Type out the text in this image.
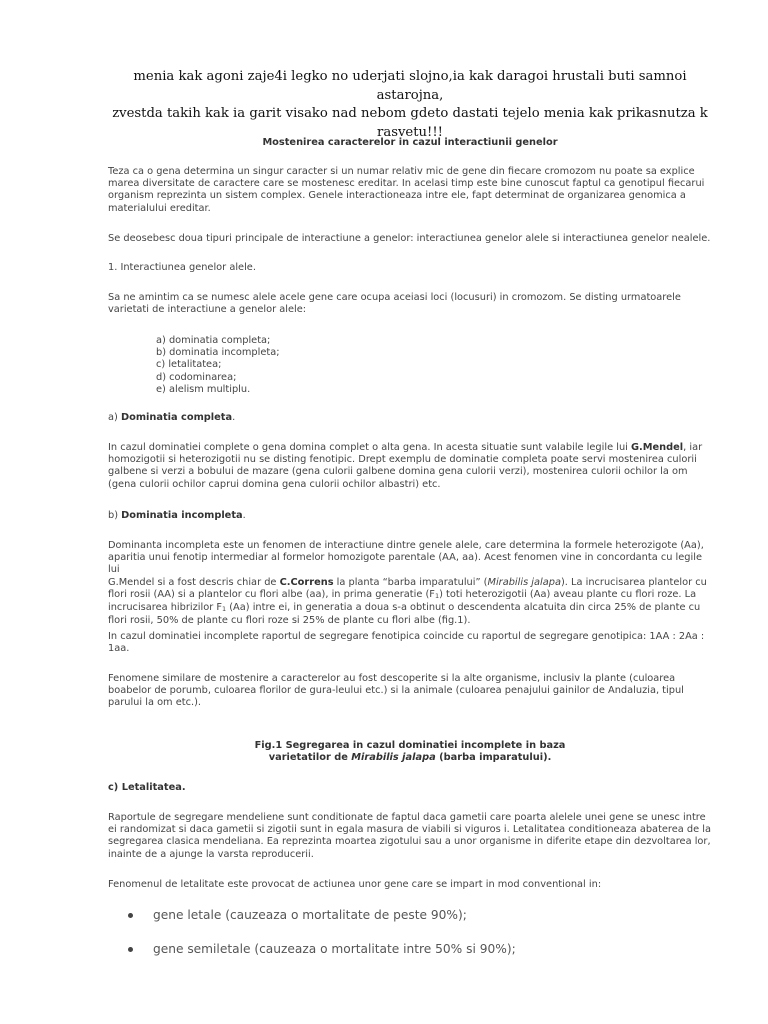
menia kak agoni zaje4i legko no uderjati slojno,ia kak daragoi hrustali buti samnoi astarojna,
zvestda takih kak ia garit visako nad nebom gdeto dastati tejelo menia kak prikasnutza k
rasvetu!!!
Mostenirea caracterelor in cazul interactiunii genelor

Teza ca o gena determina un singur caracter si un numar relativ mic de gene din fiecare cromozom nu poate sa explice marea diversitate de caractere care se mostenesc ereditar. In acelasi timp este bine cunoscut faptul ca genotipul fiecarui organism reprezinta un sistem complex. Genele interactioneaza intre ele, fapt determinat de organizarea genomica a materialului ereditar.

Se deosebesc doua tipuri principale de interactiune a genelor: interactiunea genelor alele si interactiunea genelor nealele.

1. Interactiunea genelor alele.

Sa ne amintim ca se numesc alele acele gene care ocupa aceiasi loci (locusuri) in cromozom. Se disting urmatoarele varietati de interactiune a genelor alele:

a) dominatia completa;
b) dominatia incompleta;
c) letalitatea;
d) codominarea;
e) alelism multiplu.

a) Dominatia completa.

In cazul dominatiei complete o gena domina complet o alta gena. In acesta situatie sunt valabile legile lui G.Mendel, iar homozigotii si heterozigotii nu se disting fenotipic. Drept exemplu de dominatie completa poate servi mostenirea culorii galbene si verzi a bobului de mazare (gena culorii galbene domina gena culorii verzi), mostenirea culorii ochilor la om (gena culorii ochilor caprui domina gena culorii ochilor albastri) etc.

b) Dominatia incompleta.

Dominanta incompleta este un fenomen de interactiune dintre genele alele, care determina la formele heterozigote (Aa),
aparitia unui fenotip intermediar al formelor homozigote parentale (AA, aa). Acest fenomen vine in concordanta cu legile lui
G.Mendel si a fost descris chiar de C.Correns la planta “barba imparatului” (Mirabilis jalapa). La incrucisarea plantelor cu
flori rosii (AA) si a plantelor cu flori albe (aa), in prima generatie (F1) toti heterozigotii (Aa) aveau plante cu flori roze. La
incrucisarea hibrizilor F1 (Aa) intre ei, in generatia a doua s-a obtinut o descendenta alcatuita din circa 25% de plante cu
flori rosii, 50% de plante cu flori roze si 25% de plante cu flori albe (fig.1).

In cazul dominatiei incomplete raportul de segregare fenotipica coincide cu raportul de segregare genotipica: 1AA : 2Aa : 1aa.

Fenomene similare de mostenire a caracterelor au fost descoperite si la alte organisme, inclusiv la plante (culoarea boabelor de porumb, culoarea florilor de gura-leului etc.) si la animale (culoarea penajului gainilor de Andaluzia, tipul parului la om etc.).

Fig.1 Segregarea in cazul dominatiei incomplete in baza
varietatilor de Mirabilis jalapa (barba imparatului).

c) Letalitatea.

Raportule de segregare mendeliene sunt conditionate de faptul daca gametii care poarta alelele unei gene se unesc intre ei randomizat si daca gametii si zigotii sunt in egala masura de viabili si viguros i. Letalitatea conditioneaza abaterea de la segregarea clasica mendeliana. Ea reprezinta moartea zigotului sau a unor organisme in diferite etape din dezvoltarea lor, inainte de a ajunge la varsta reproducerii.

Fenomenul de letalitate este provocat de actiunea unor gene care se impart in mod conventional in:

gene letale (cauzeaza o mortalitate de peste 90%);
gene semiletale (cauzeaza o mortalitate intre 50% si 90%);
